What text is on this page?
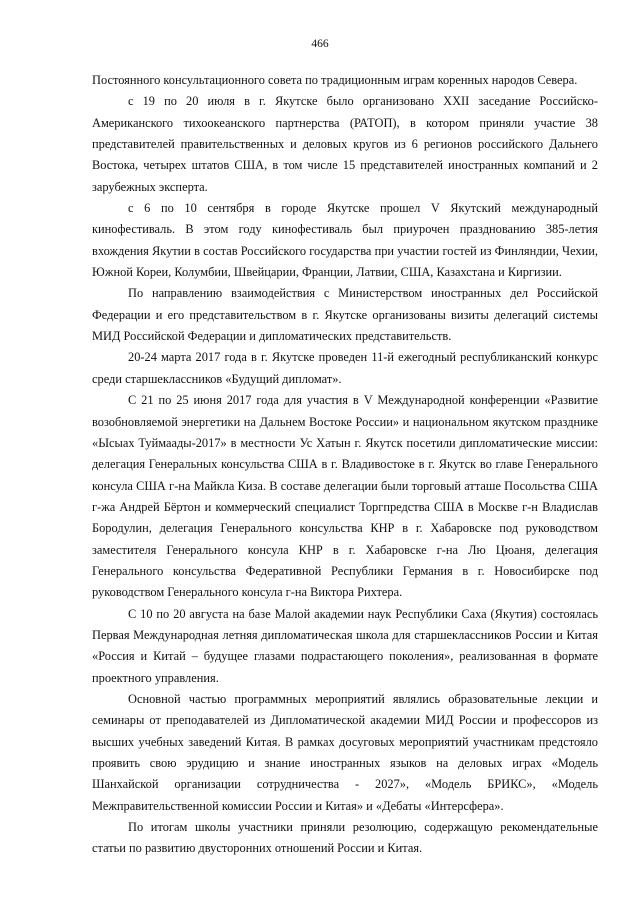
466

Постоянного консультационного совета по традиционным играм коренных народов Севера.

с 19 по 20 июля в г. Якутске было организовано XXII заседание Российско-Американского тихоокеанского партнерства (РАТОП), в котором приняли участие 38 представителей правительственных и деловых кругов из 6 регионов российского Дальнего Востока, четырех штатов США, в том числе 15 представителей иностранных компаний и 2 зарубежных эксперта.

с 6 по 10 сентября в городе Якутске прошел V Якутский международный кинофестиваль. В этом году кинофестиваль был приурочен празднованию 385-летия вхождения Якутии в состав Российского государства при участии гостей из Финляндии, Чехии, Южной Кореи, Колумбии, Швейцарии, Франции, Латвии, США, Казахстана и Киргизии.

По направлению взаимодействия с Министерством иностранных дел Российской Федерации и его представительством в г. Якутске организованы визиты делегаций системы МИД Российской Федерации и дипломатических представительств.

20-24 марта 2017 года в г. Якутске проведен 11-й ежегодный республиканский конкурс среди старшеклассников «Будущий дипломат».

С 21 по 25 июня 2017 года для участия в V Международной конференции «Развитие возобновляемой энергетики на Дальнем Востоке России» и национальном якутском празднике «Ысыах Туймаады-2017» в местности Ус Хатын г. Якутск посетили дипломатические миссии: делегация Генеральных консульства США в г. Владивостоке в г. Якутск во главе Генерального консула США г-на Майкла Киза. В составе делегации были торговый атташе Посольства США г-жа Андрей Бёртон и коммерческий специалист Торгпредства США в Москве г-н Владислав Бородулин, делегация Генерального консульства КНР в г. Хабаровске под руководством заместителя Генерального консула КНР в г. Хабаровске г-на Лю Цюаня, делегация Генерального консульства Федеративной Республики Германия в г. Новосибирске под руководством Генерального консула г-на Виктора Рихтера.

С 10 по 20 августа на базе Малой академии наук Республики Саха (Якутия) состоялась Первая Международная летняя дипломатическая школа для старшеклассников России и Китая «Россия и Китай – будущее глазами подрастающего поколения», реализованная в формате проектного управления.

Основной частью программных мероприятий являлись образовательные лекции и семинары от преподавателей из Дипломатической академии МИД России и профессоров из высших учебных заведений Китая. В рамках досуговых мероприятий участникам предстояло проявить свою эрудицию и знание иностранных языков на деловых играх «Модель Шанхайской организации сотрудничества - 2027», «Модель БРИКС», «Модель Межправительственной комиссии России и Китая» и «Дебаты «Интерсфера».

По итогам школы участники приняли резолюцию, содержащую рекомендательные статьи по развитию двусторонних отношений России и Китая.
